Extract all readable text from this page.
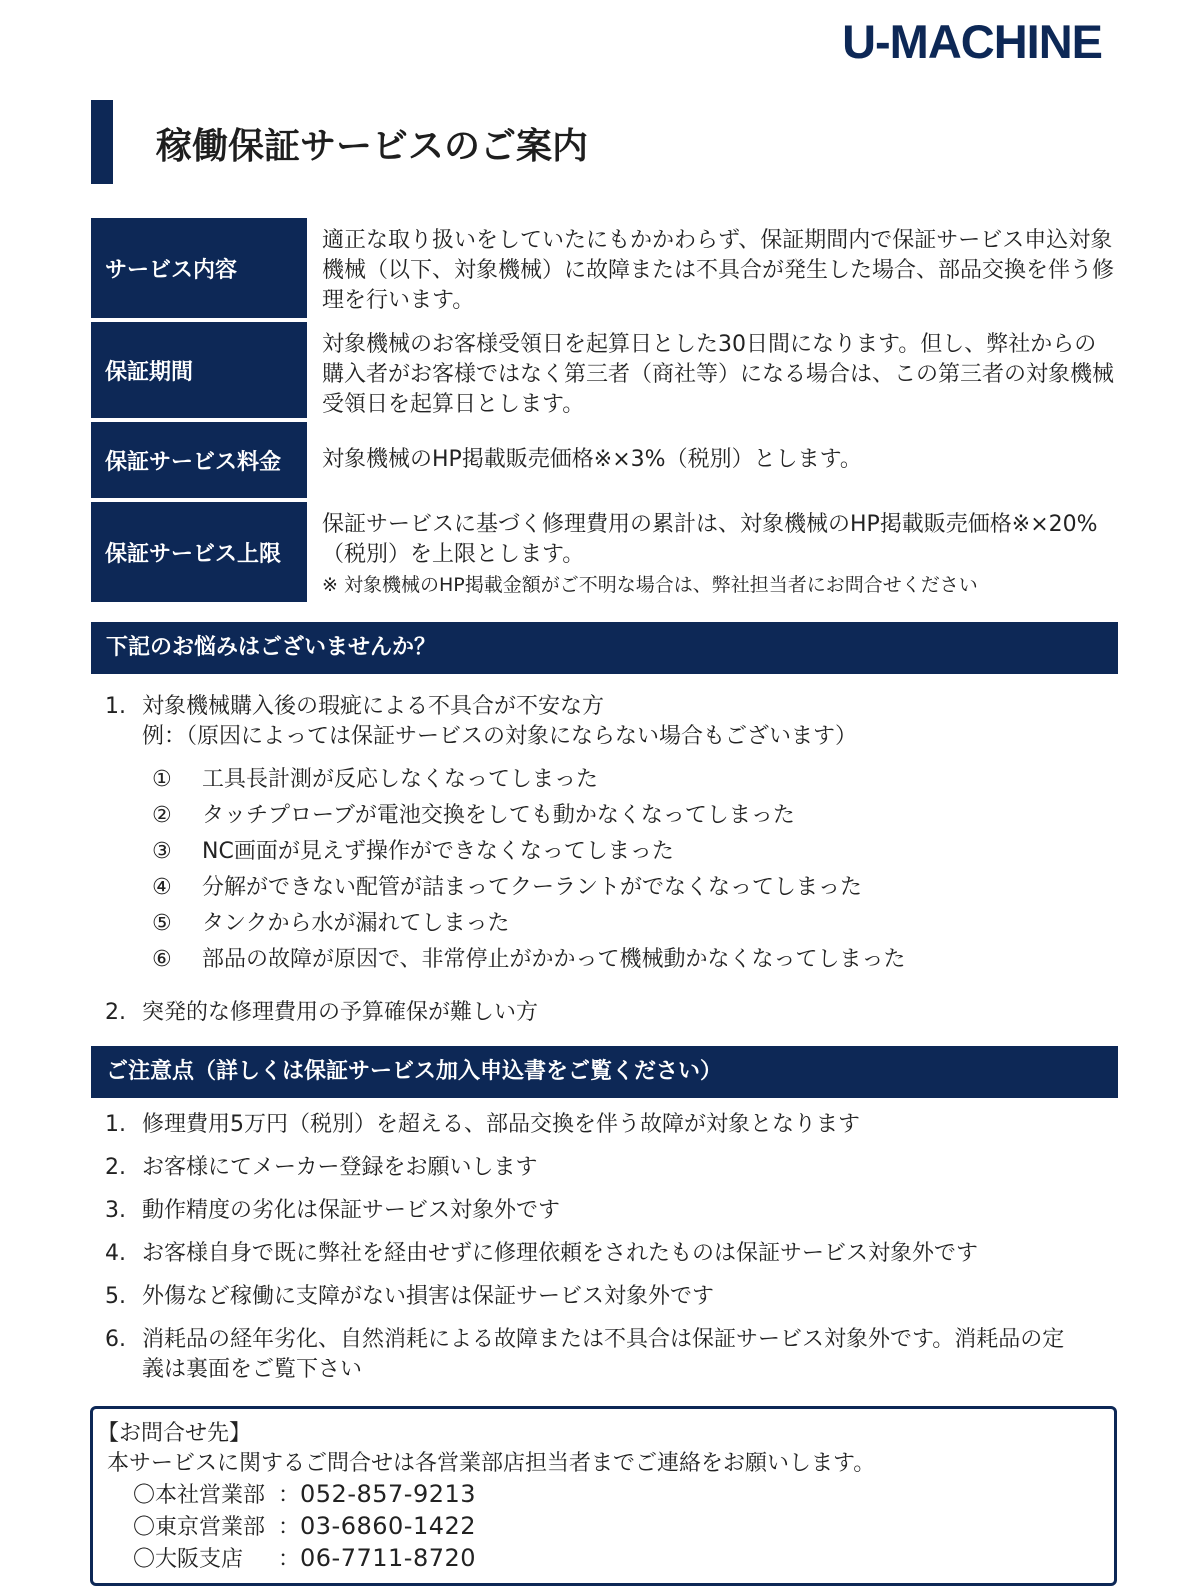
U-MACHINE
稼働保証サービスのご案内
サービス内容
適正な取り扱いをしていたにもかかわらず、保証期間内で保証サービス申込対象機械（以下、対象機械）に故障または不具合が発生した場合、部品交換を伴う修理を行います。
保証期間
対象機械のお客様受領日を起算日とした30日間になります。但し、弊社からの購入者がお客様ではなく第三者（商社等）になる場合は、この第三者の対象機械受領日を起算日とします。
保証サービス料金	対象機械のHP掲載販売価格※×3%（税別）とします。
保証サービス上限
保証サービスに基づく修理費用の累計は、対象機械のHP掲載販売価格※×20%（税別）を上限とします。
※ 対象機械のHP掲載金額がご不明な場合は、弊社担当者にお問合せください
下記のお悩みはございませんか？
1. 対象機械購入後の瑕疵による不具合が不安な方
例：（原因によっては保証サービスの対象にならない場合もございます）
① 工具長計測が反応しなくなってしまった
② タッチプローブが電池交換をしても動かなくなってしまった
③ NC画面が見えず操作ができなくなってしまった
④ 分解ができない配管が詰まってクーラントがでなくなってしまった
⑤ タンクから水が漏れてしまった
⑥ 部品の故障が原因で、非常停止がかかって機械動かなくなってしまった
2. 突発的な修理費用の予算確保が難しい方
ご注意点（詳しくは保証サービス加入申込書をご覧ください）
1. 修理費用5万円（税別）を超える、部品交換を伴う故障が対象となります
2. お客様にてメーカー登録をお願いします
3. 動作精度の劣化は保証サービス対象外です
4. お客様自身で既に弊社を経由せずに修理依頼をされたものは保証サービス対象外です
5. 外傷など稼働に支障がない損害は保証サービス対象外です
6. 消耗品の経年劣化、自然消耗による故障または不具合は保証サービス対象外です。消耗品の定
義は裏面をご覧下さい
【お問合せ先】
本サービスに関するご問合せは各営業部店担当者までご連絡をお願いします。
〇本社営業部 ：052-857-9213
〇東京営業部 ：03-6860-1422
〇大阪支店 ：06-7711-8720
